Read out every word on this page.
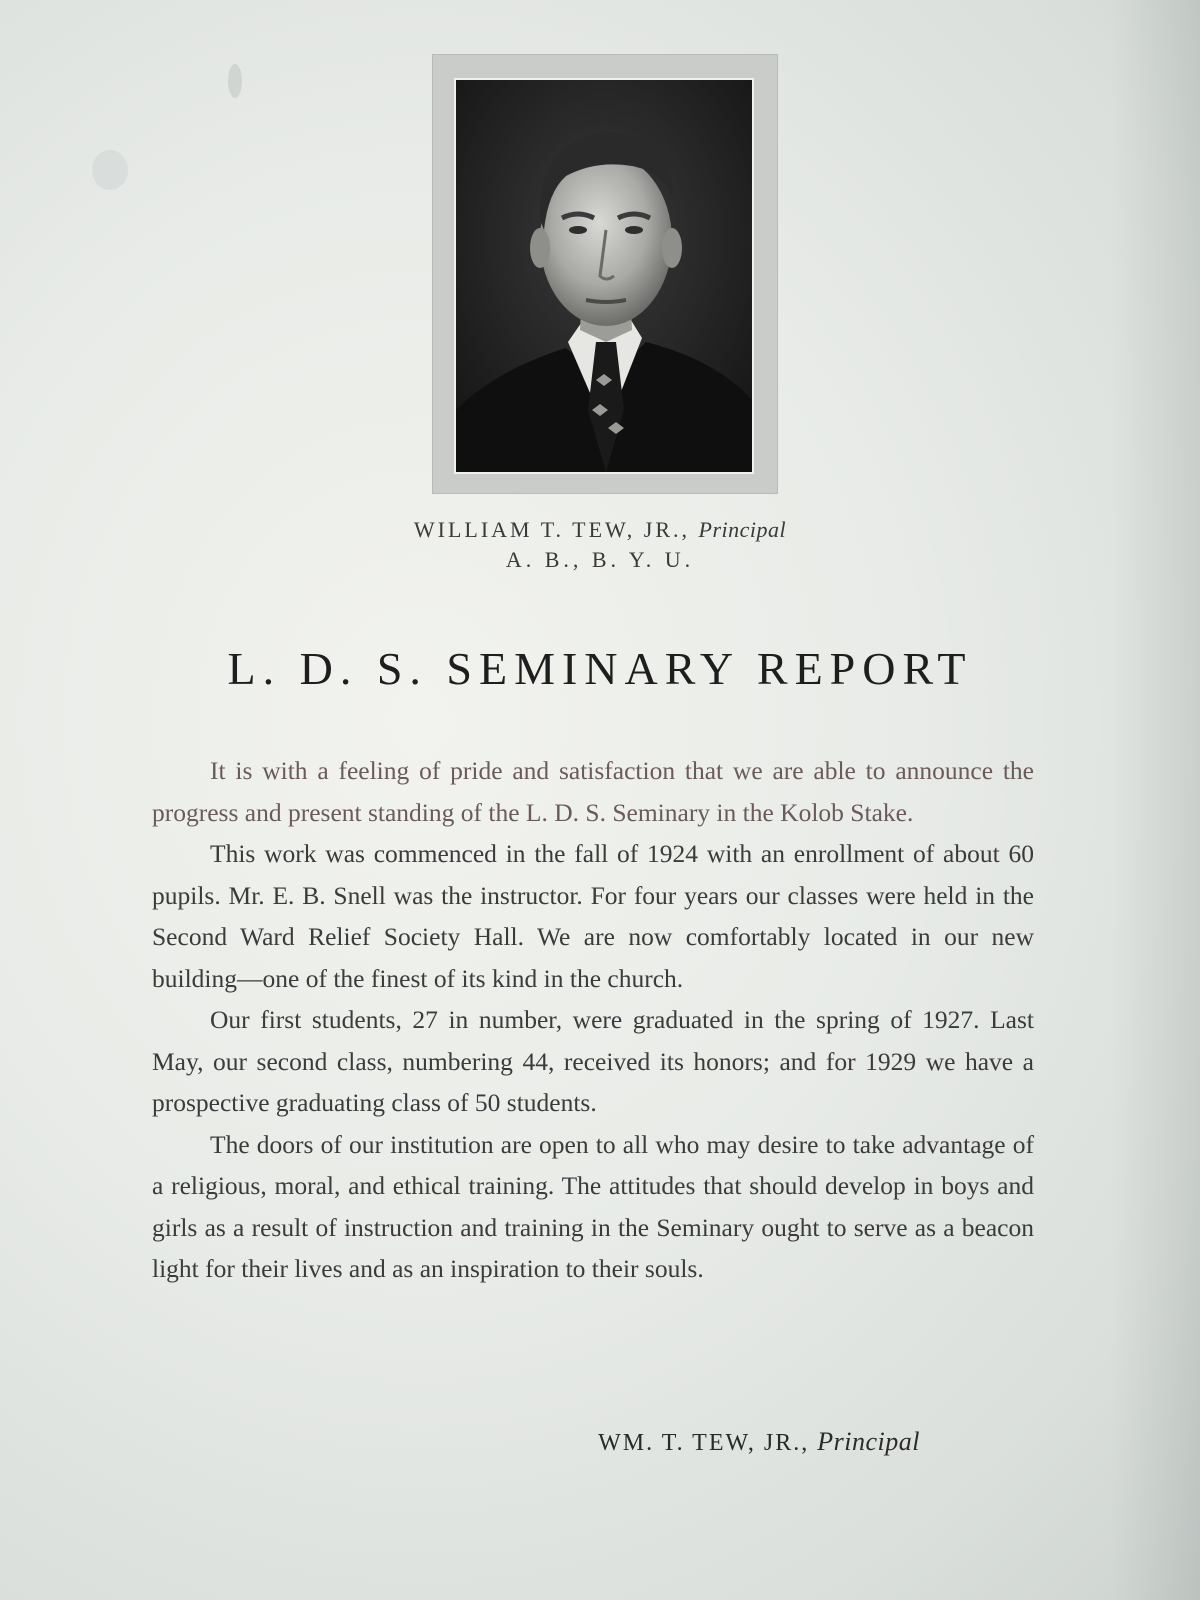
WILLIAM T. TEW, JR., Principal
A. B., B. Y. U.
L. D. S. SEMINARY REPORT

It is with a feeling of pride and satisfaction that we are able to announce the progress and present standing of the L. D. S. Seminary in the Kolob Stake.

This work was commenced in the fall of 1924 with an enrollment of about 60 pupils. Mr. E. B. Snell was the instructor. For four years our classes were held in the Second Ward Relief Society Hall. We are now comfortably located in our new building—one of the finest of its kind in the church.

Our first students, 27 in number, were graduated in the spring of 1927. Last May, our second class, numbering 44, received its honors; and for 1929 we have a prospective graduating class of 50 students.

The doors of our institution are open to all who may desire to take advantage of a religious, moral, and ethical training. The attitudes that should develop in boys and girls as a result of instruction and training in the Seminary ought to serve as a beacon light for their lives and as an inspiration to their souls.

WM. T. TEW, JR., Principal
